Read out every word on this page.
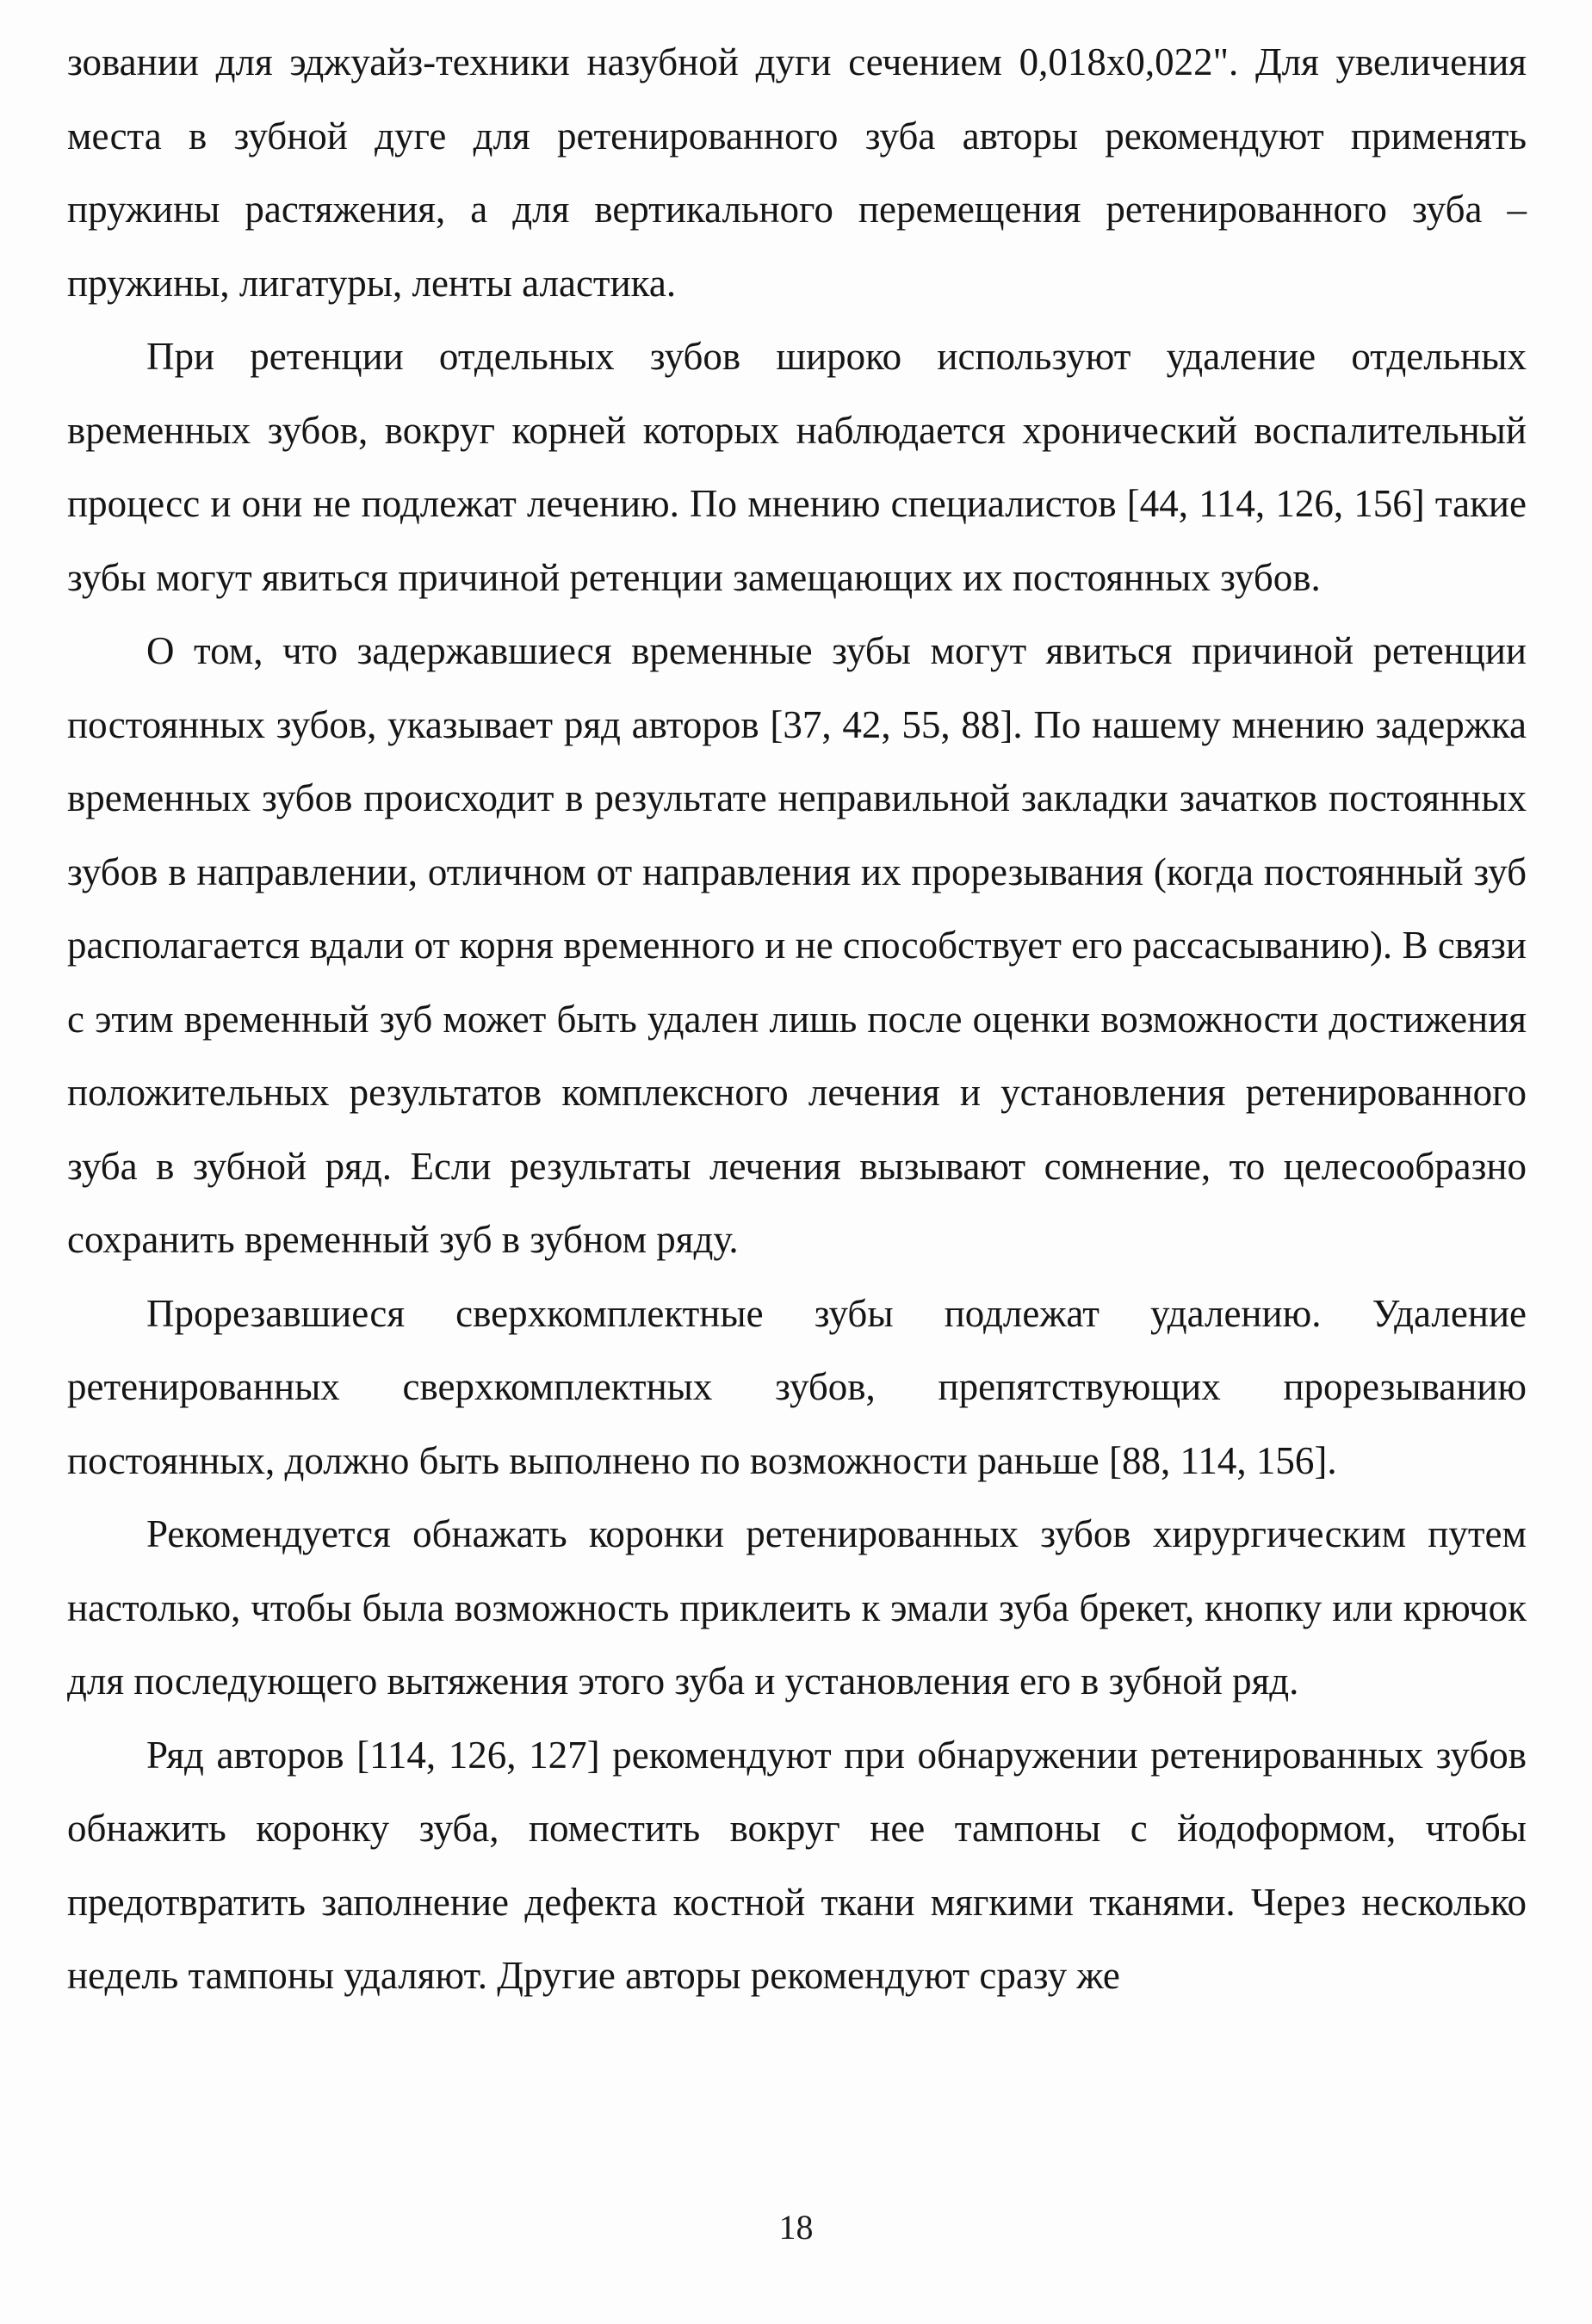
зовании для эджуайз-техники назубной дуги сечением 0,018х0,022". Для увеличения места в зубной дуге для ретенированного зуба авторы рекомендуют применять пружины растяжения, а для вертикального перемещения ретенированного зуба – пружины, лигатуры, ленты аластика.

При ретенции отдельных зубов широко используют удаление отдельных временных зубов, вокруг корней которых наблюдается хронический воспалительный процесс и они не подлежат лечению. По мнению специалистов [44, 114, 126, 156] такие зубы могут явиться причиной ретенции замещающих их постоянных зубов.

О том, что задержавшиеся временные зубы могут явиться причиной ретенции постоянных зубов, указывает ряд авторов [37, 42, 55, 88]. По нашему мнению задержка временных зубов происходит в результате неправильной закладки зачатков постоянных зубов в направлении, отличном от направления их прорезывания (когда постоянный зуб располагается вдали от корня временного и не способствует его рассасыванию). В связи с этим временный зуб может быть удален лишь после оценки возможности достижения положительных результатов комплексного лечения и установления ретенированного зуба в зубной ряд. Если результаты лечения вызывают сомнение, то целесообразно сохранить временный зуб в зубном ряду.

Прорезавшиеся сверхкомплектные зубы подлежат удалению. Удаление ретенированных сверхкомплектных зубов, препятствующих прорезыванию постоянных, должно быть выполнено по возможности раньше [88, 114, 156].

Рекомендуется обнажать коронки ретенированных зубов хирургическим путем настолько, чтобы была возможность приклеить к эмали зуба брекет, кнопку или крючок для последующего вытяжения этого зуба и установления его в зубной ряд.

Ряд авторов [114, 126, 127] рекомендуют при обнаружении ретенированных зубов обнажить коронку зуба, поместить вокруг нее тампоны с йодоформом, чтобы предотвратить заполнение дефекта костной ткани мягкими тканями. Через несколько недель тампоны удаляют. Другие авторы рекомендуют сразу же

18
